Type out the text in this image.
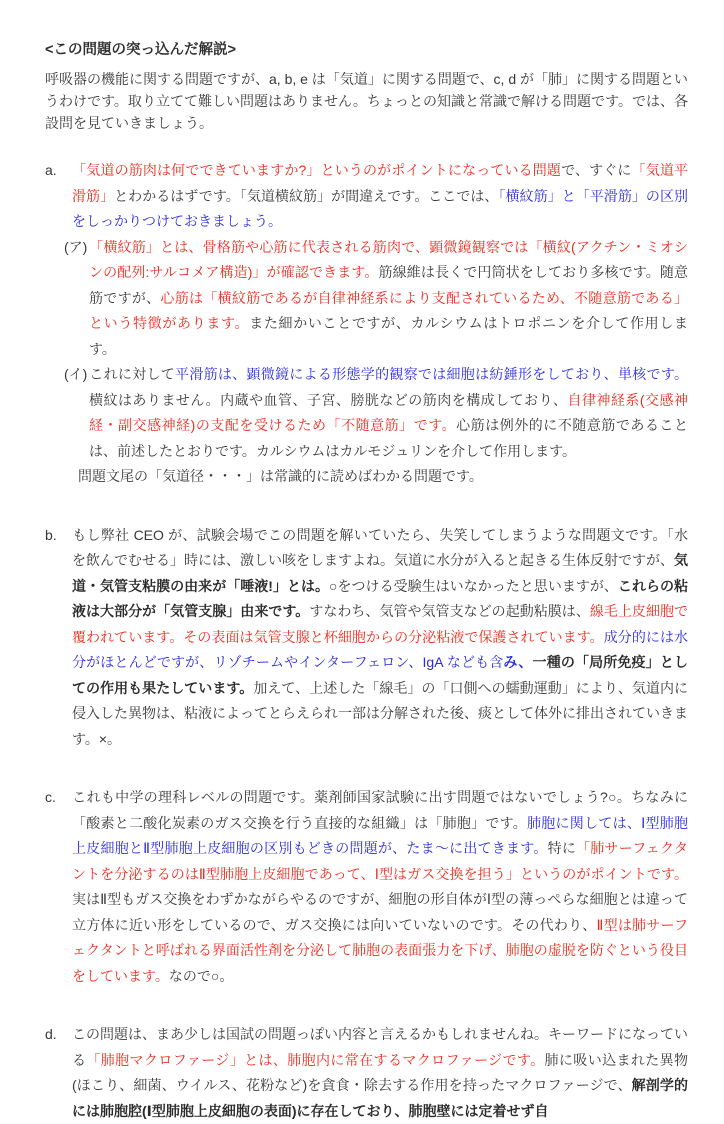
<この問題の突っ込んだ解説>

呼吸器の機能に関する問題ですが、a, b, e は「気道」に関する問題で、c, d が「肺」に関する問題というわけです。取り立てて難しい問題はありません。ちょっとの知識と常識で解ける問題です。では、各設問を見ていきましょう。

a. 「気道の筋肉は何でできていますか?」というのがポイントになっている問題で、すぐに「気道平滑筋」とわかるはずです。「気道横紋筋」が間違えです。ここでは、「横紋筋」と「平滑筋」の区別をしっかりつけておきましょう。

(ア) 「横紋筋」とは、骨格筋や心筋に代表される筋肉で、顕微鏡観察では「横紋(アクチン・ミオシンの配列:サルコメア構造)」が確認できます。筋線維は長くで円筒状をしており多核です。随意筋ですが、心筋は「横紋筋であるが自律神経系により支配されているため、不随意筋である」という特徴があります。また細かいことですが、カルシウムはトロポニンを介して作用します。

(イ) これに対して平滑筋は、顕微鏡による形態学的観察では細胞は紡錘形をしており、単核です。横紋はありません。内蔵や血管、子宮、膀胱などの筋肉を構成しており、自律神経系(交感神経・副交感神経)の支配を受けるため「不随意筋」です。心筋は例外的に不随意筋であることは、前述したとおりです。カルシウムはカルモジュリンを介して作用します。

問題文尾の「気道径・・・」は常識的に読めばわかる問題です。

b. もし弊社 CEO が、試験会場でこの問題を解いていたら、失笑してしまうような問題文です。「水を飲んでむせる」時には、激しい咳をしますよね。気道に水分が入ると起きる生体反射ですが、気道・気管支粘膜の由来が「唾液!」とは。○をつける受験生はいなかったと思いますが、これらの粘液は大部分が「気管支腺」由来です。すなわち、気管や気管支などの起動粘膜は、線毛上皮細胞で覆われています。その表面は気管支腺と杯細胞からの分泌粘液で保護されています。成分的には水分がほとんどですが、リゾチームやインターフェロン、IgA なども含み、一種の「局所免疫」としての作用も果たしています。加えて、上述した「線毛」の「口側への蠕動運動」により、気道内に侵入した異物は、粘液によってとらえられ一部は分解された後、痰として体外に排出されていきます。×。

c. これも中学の理科レベルの問題です。薬剤師国家試験に出す問題ではないでしょう?○。ちなみに「酸素と二酸化炭素のガス交換を行う直接的な組織」は「肺胞」です。肺胞に関しては、Ⅰ型肺胞上皮細胞とⅡ型肺胞上皮細胞の区別もどきの問題が、たま〜に出てきます。特に「肺サーフェクタントを分泌するのはⅡ型肺胞上皮細胞であって、Ⅰ型はガス交換を担う」というのがポイントです。実はⅡ型もガス交換をわずかながらやるのですが、細胞の形自体がⅠ型の薄っぺらな細胞とは違って立方体に近い形をしているので、ガス交換には向いていないのです。その代わり、Ⅱ型は肺サーフェクタントと呼ばれる界面活性剤を分泌して肺胞の表面張力を下げ、肺胞の虚脱を防ぐという役目をしています。なので○。

d. この問題は、まあ少しは国試の問題っぽい内容と言えるかもしれませんね。キーワードになっている「肺胞マクロファージ」とは、肺胞内に常在するマクロファージです。肺に吸い込まれた異物(ほこり、細菌、ウイルス、花粉など)を貪食・除去する作用を持ったマクロファージで、解剖学的には肺胞腔(Ⅰ型肺胞上皮細胞の表面)に存在しており、肺胞壁には定着せず自
